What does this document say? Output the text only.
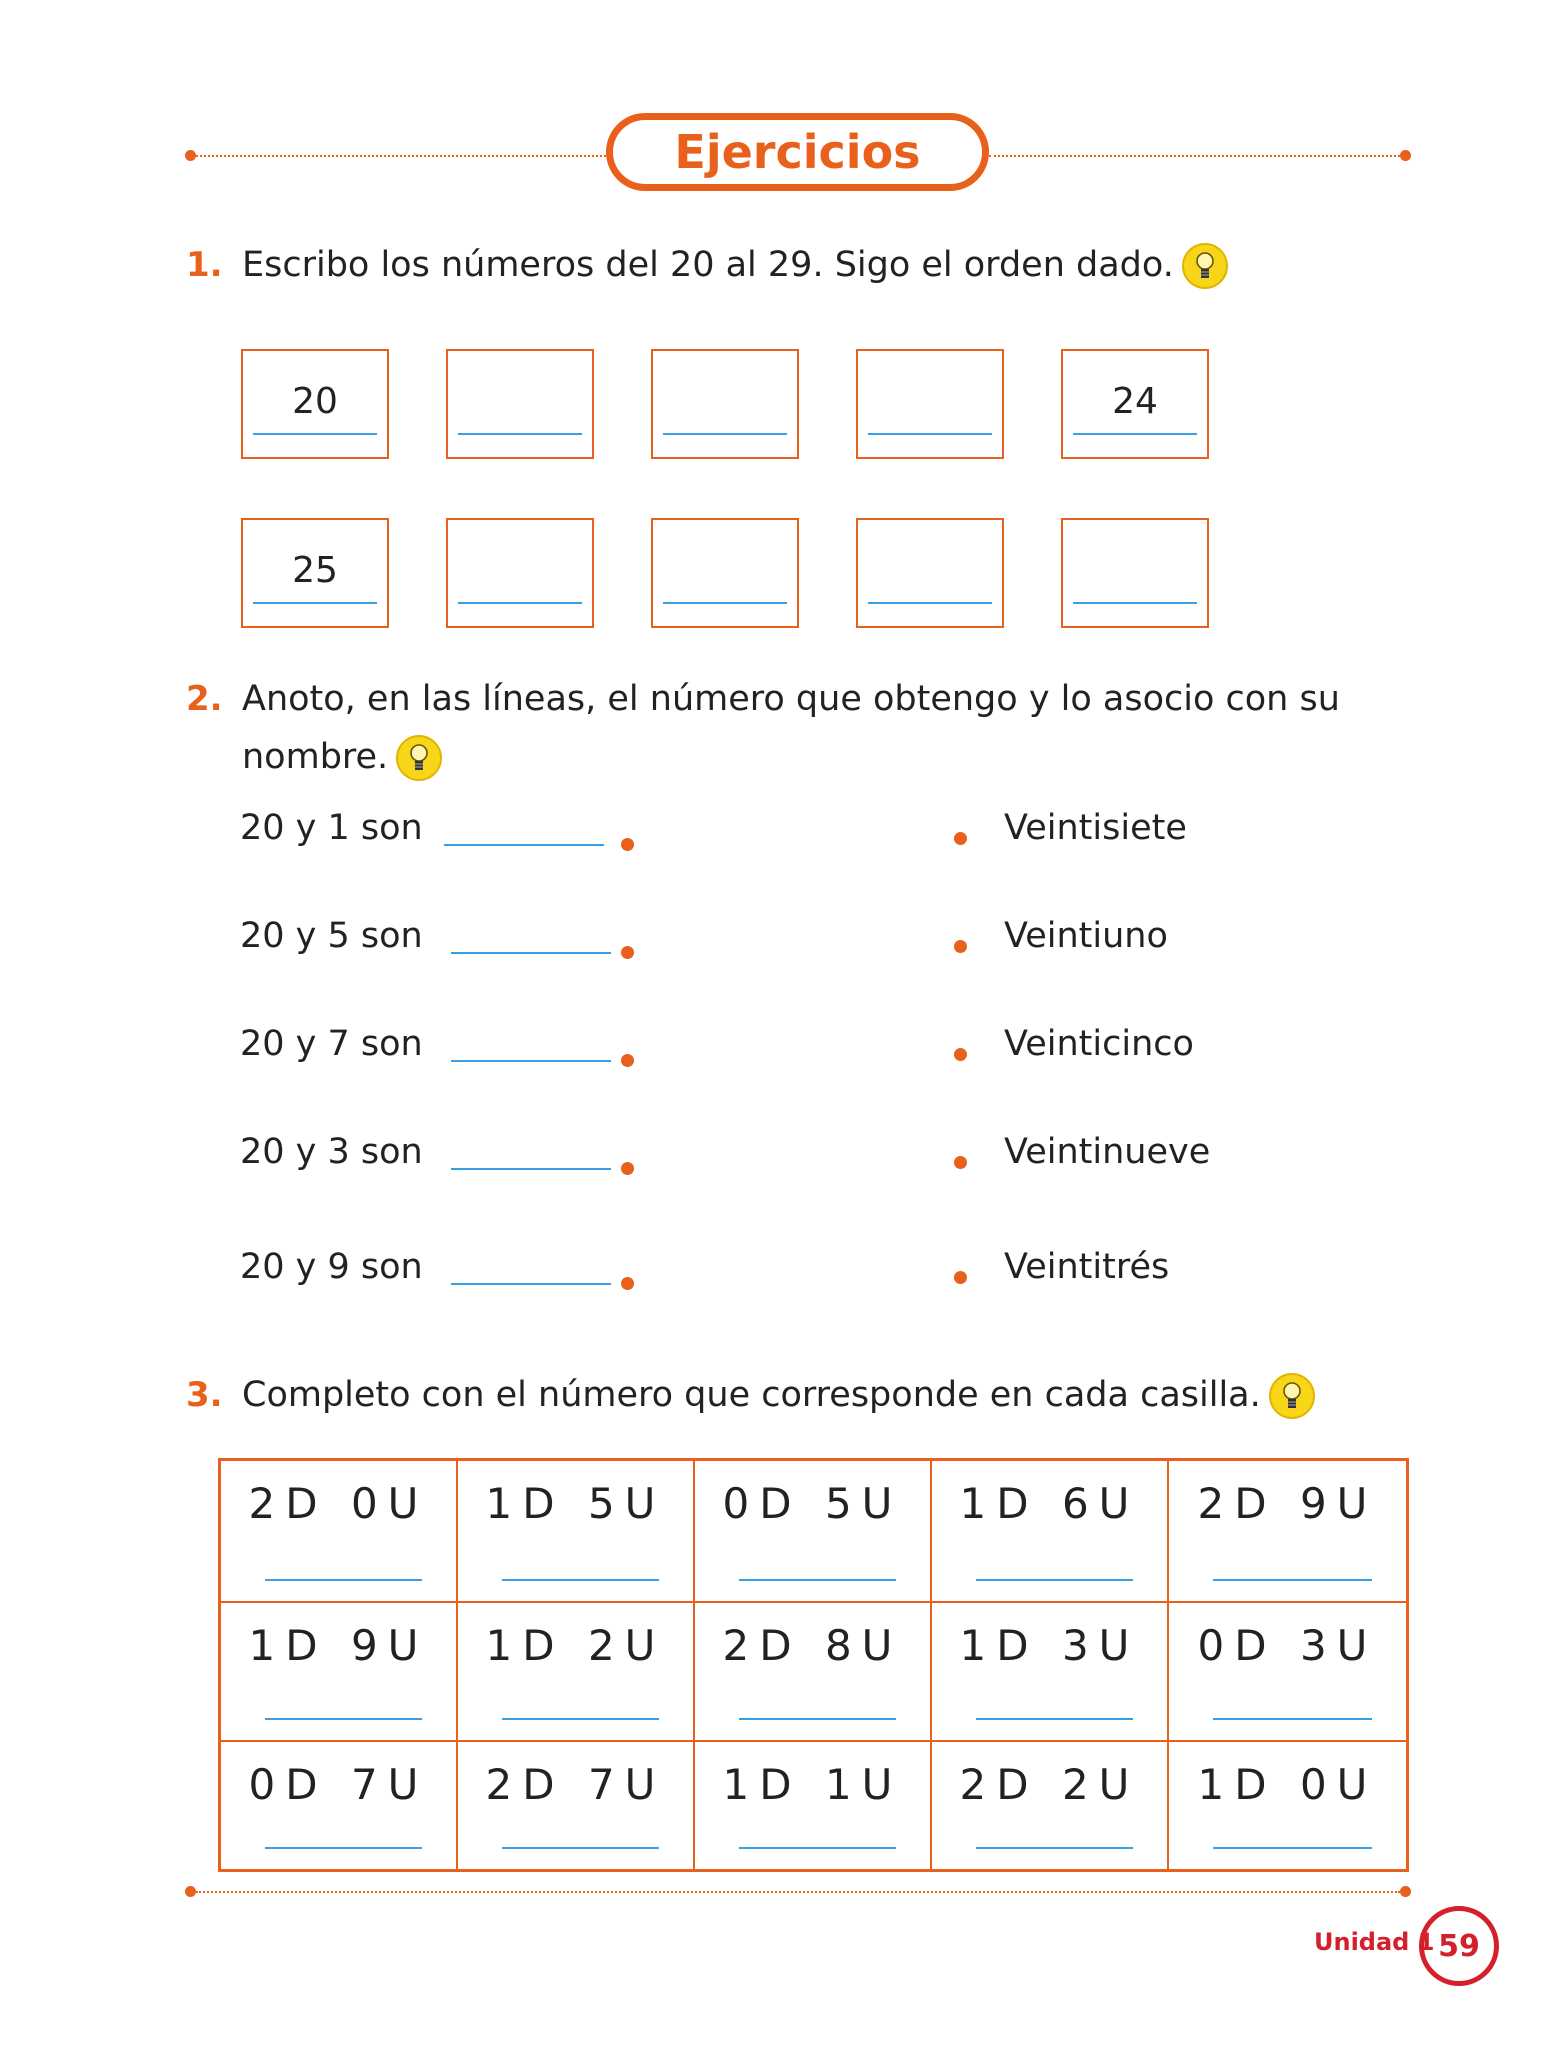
Ejercicios
1. Escribo los números del 20 al 29. Sigo el orden dado.
20	24
25
2. Anoto, en las líneas, el número que obtengo y lo asocio con su
nombre.
20 y 1 son	Veintisiete
20 y 5 son	Veintiuno
20 y 7 son	Veinticinco
20 y 3 son	Veintinueve
20 y 9 son	Veintitrés
3. Completo con el número que corresponde en cada casilla.
2D 0U	1D 5U	0D 5U	1D 6U	2D 9U
1D 9U	1D 2U	2D 8U	1D 3U	0D 3U
0D 7U	2D 7U	1D 1U	2D 2U	1D 0U
Unidad 1 59
